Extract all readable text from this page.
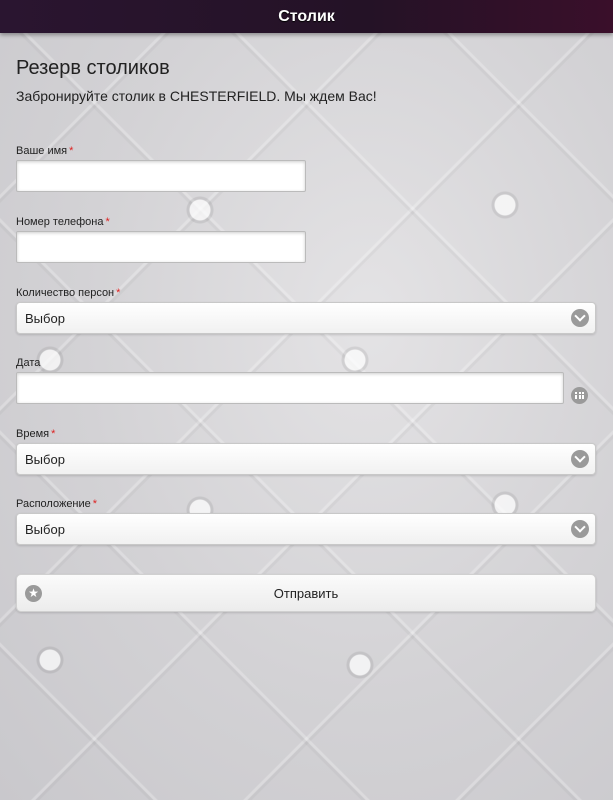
Столик
Резерв столиков

Забронируйте столик в CHESTERFIELD. Мы ждем Вас!

Ваше имя *
Номер телефона *
Количество персон *
Выбор
Дата
Время *
Выбор
Расположение *
Выбор
★	Отправить
